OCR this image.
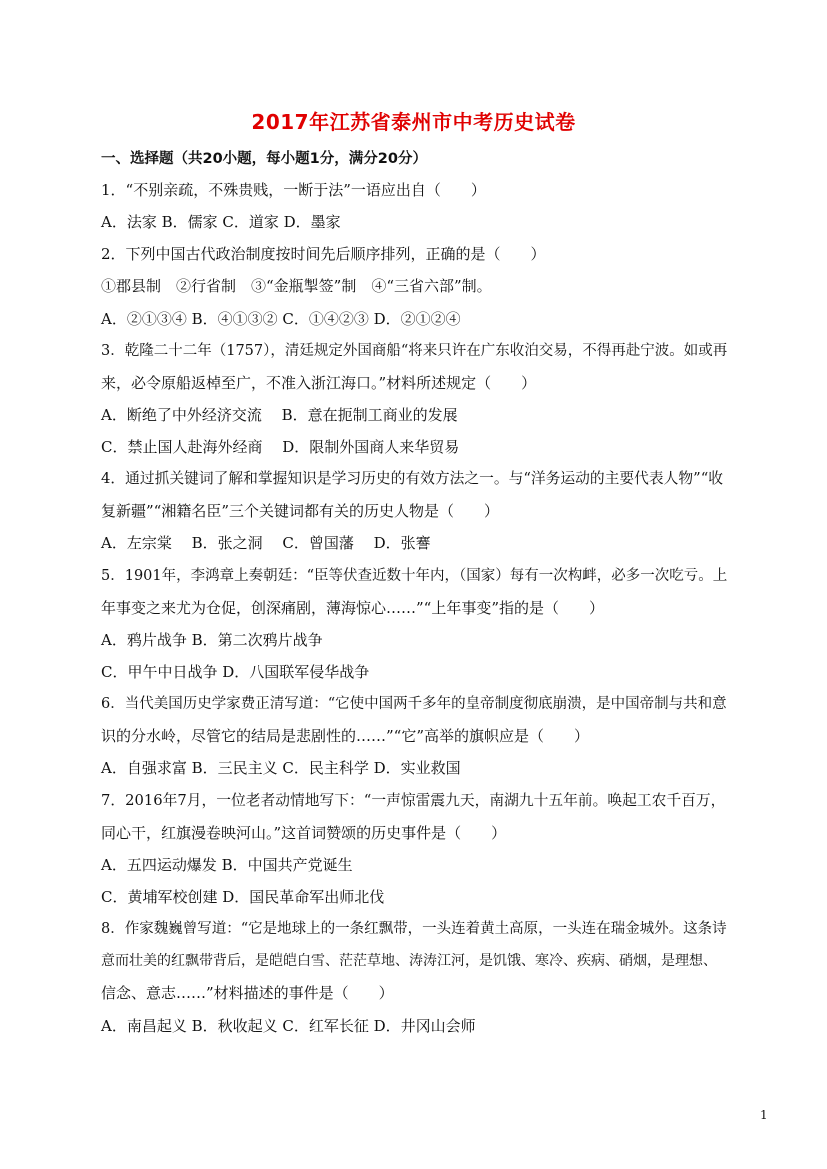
2017年江苏省泰州市中考历史试卷
一、选择题（共20小题，每小题1分，满分20分）
1．“不别亲疏，不殊贵贱，一断于法”一语应出自（　　）
A．法家 B．儒家 C．道家 D．墨家
2．下列中国古代政治制度按时间先后顺序排列，正确的是（　　）
①郡县制　②行省制　③“金瓶掣签”制　④“三省六部”制。
A．②①③④ B．④①③② C．①④②③ D．②①②④
3．乾隆二十二年（1757），清廷规定外国商船“将来只许在广东收泊交易，不得再赴宁波。如或再
来，必令原船返棹至广，不准入浙江海口。”材料所述规定（　　）
A．断绝了中外经济交流　 B．意在扼制工商业的发展
C．禁止国人赴海外经商　 D．限制外国商人来华贸易
4．通过抓关键词了解和掌握知识是学习历史的有效方法之一。与“洋务运动的主要代表人物”“收
复新疆”“湘籍名臣”三个关键词都有关的历史人物是（　　）
A．左宗棠　 B．张之洞　 C．曾国藩　 D．张謇
5．1901年，李鸿章上奏朝廷：“臣等伏查近数十年内，（国家）每有一次构衅，必多一次吃亏。上
年事变之来尤为仓促，创深痛剧，薄海惊心……”“上年事变”指的是（　　）
A．鸦片战争 B．第二次鸦片战争
C．甲午中日战争 D．八国联军侵华战争
6．当代美国历史学家费正清写道：“它使中国两千多年的皇帝制度彻底崩溃，是中国帝制与共和意
识的分水岭，尽管它的结局是悲剧性的……”“它”高举的旗帜应是（　　）
A．自强求富 B．三民主义 C．民主科学 D．实业救国
7．2016年7月，一位老者动情地写下：“一声惊雷震九天，南湖九十五年前。唤起工农千百万，
同心干，红旗漫卷映河山。”这首词赞颂的历史事件是（　　）
A．五四运动爆发 B．中国共产党诞生
C．黄埔军校创建 D．国民革命军出师北伐
8．作家魏巍曾写道：“它是地球上的一条红飘带，一头连着黄土高原，一头连在瑞金城外。这条诗
意而壮美的红飘带背后，是皑皑白雪、茫茫草地、涛涛江河，是饥饿、寒冷、疾病、硝烟，是理想、
信念、意志……”材料描述的事件是（　　）
A．南昌起义 B．秋收起义 C．红军长征 D．井冈山会师
1
